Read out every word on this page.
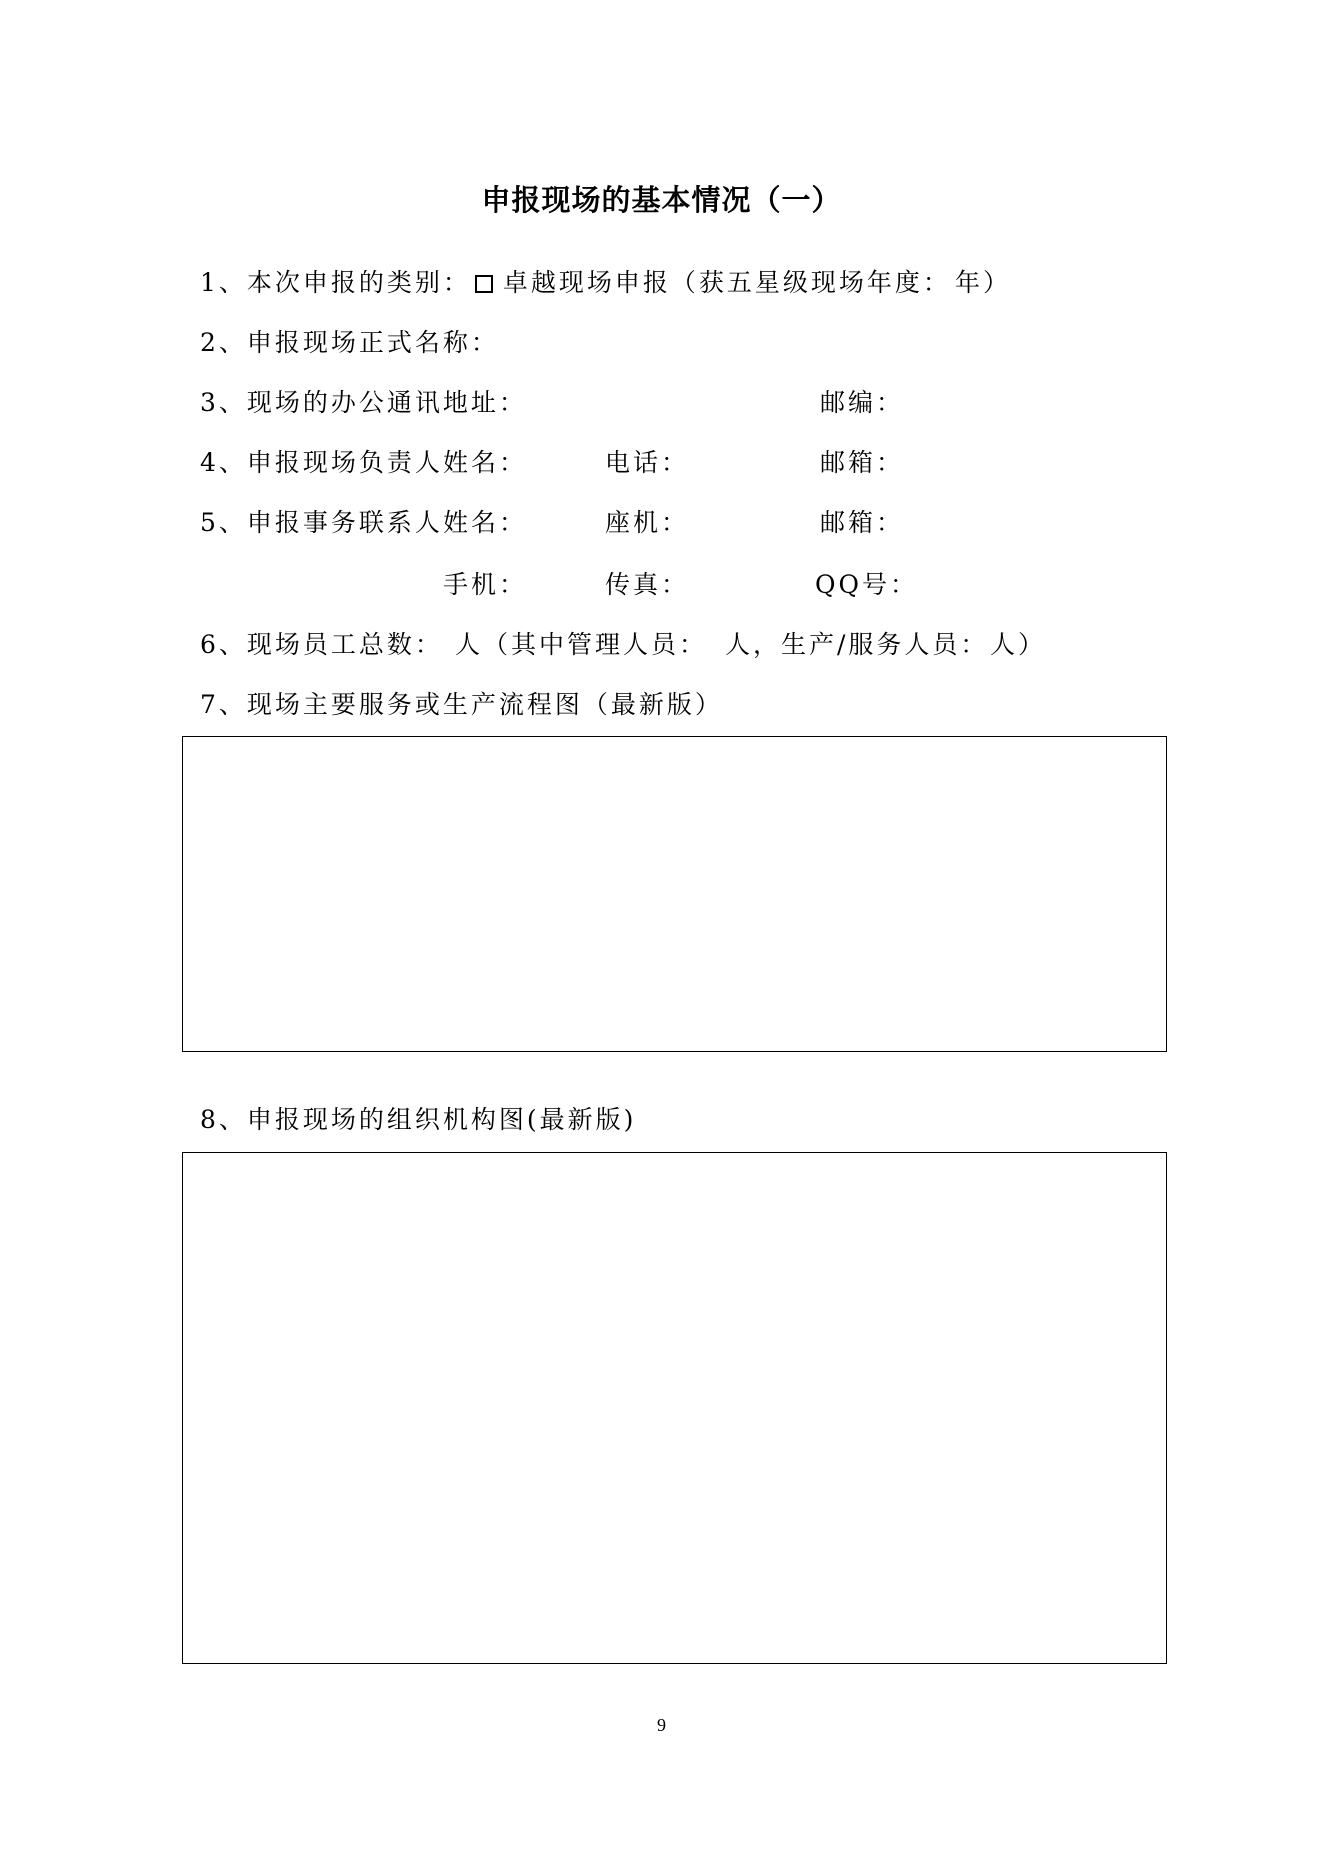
申报现场的基本情况（一）
1、本次申报的类别： 卓越现场申报（获五星级现场年度： 年）
2、申报现场正式名称：
3、现场的办公通讯地址：	邮编：
4、申报现场负责人 姓名：	电话：	邮箱：
5、申报事务联系人 姓名：	座机：	邮箱：
手机：	传真：	QQ号：
6、现场员工总数： 人（其中管理人员： 人，生产/服务人员： 人）
7、现场主要服务或生产流程图（最新版）
8、申报现场的组织机构图(最新版)
9
